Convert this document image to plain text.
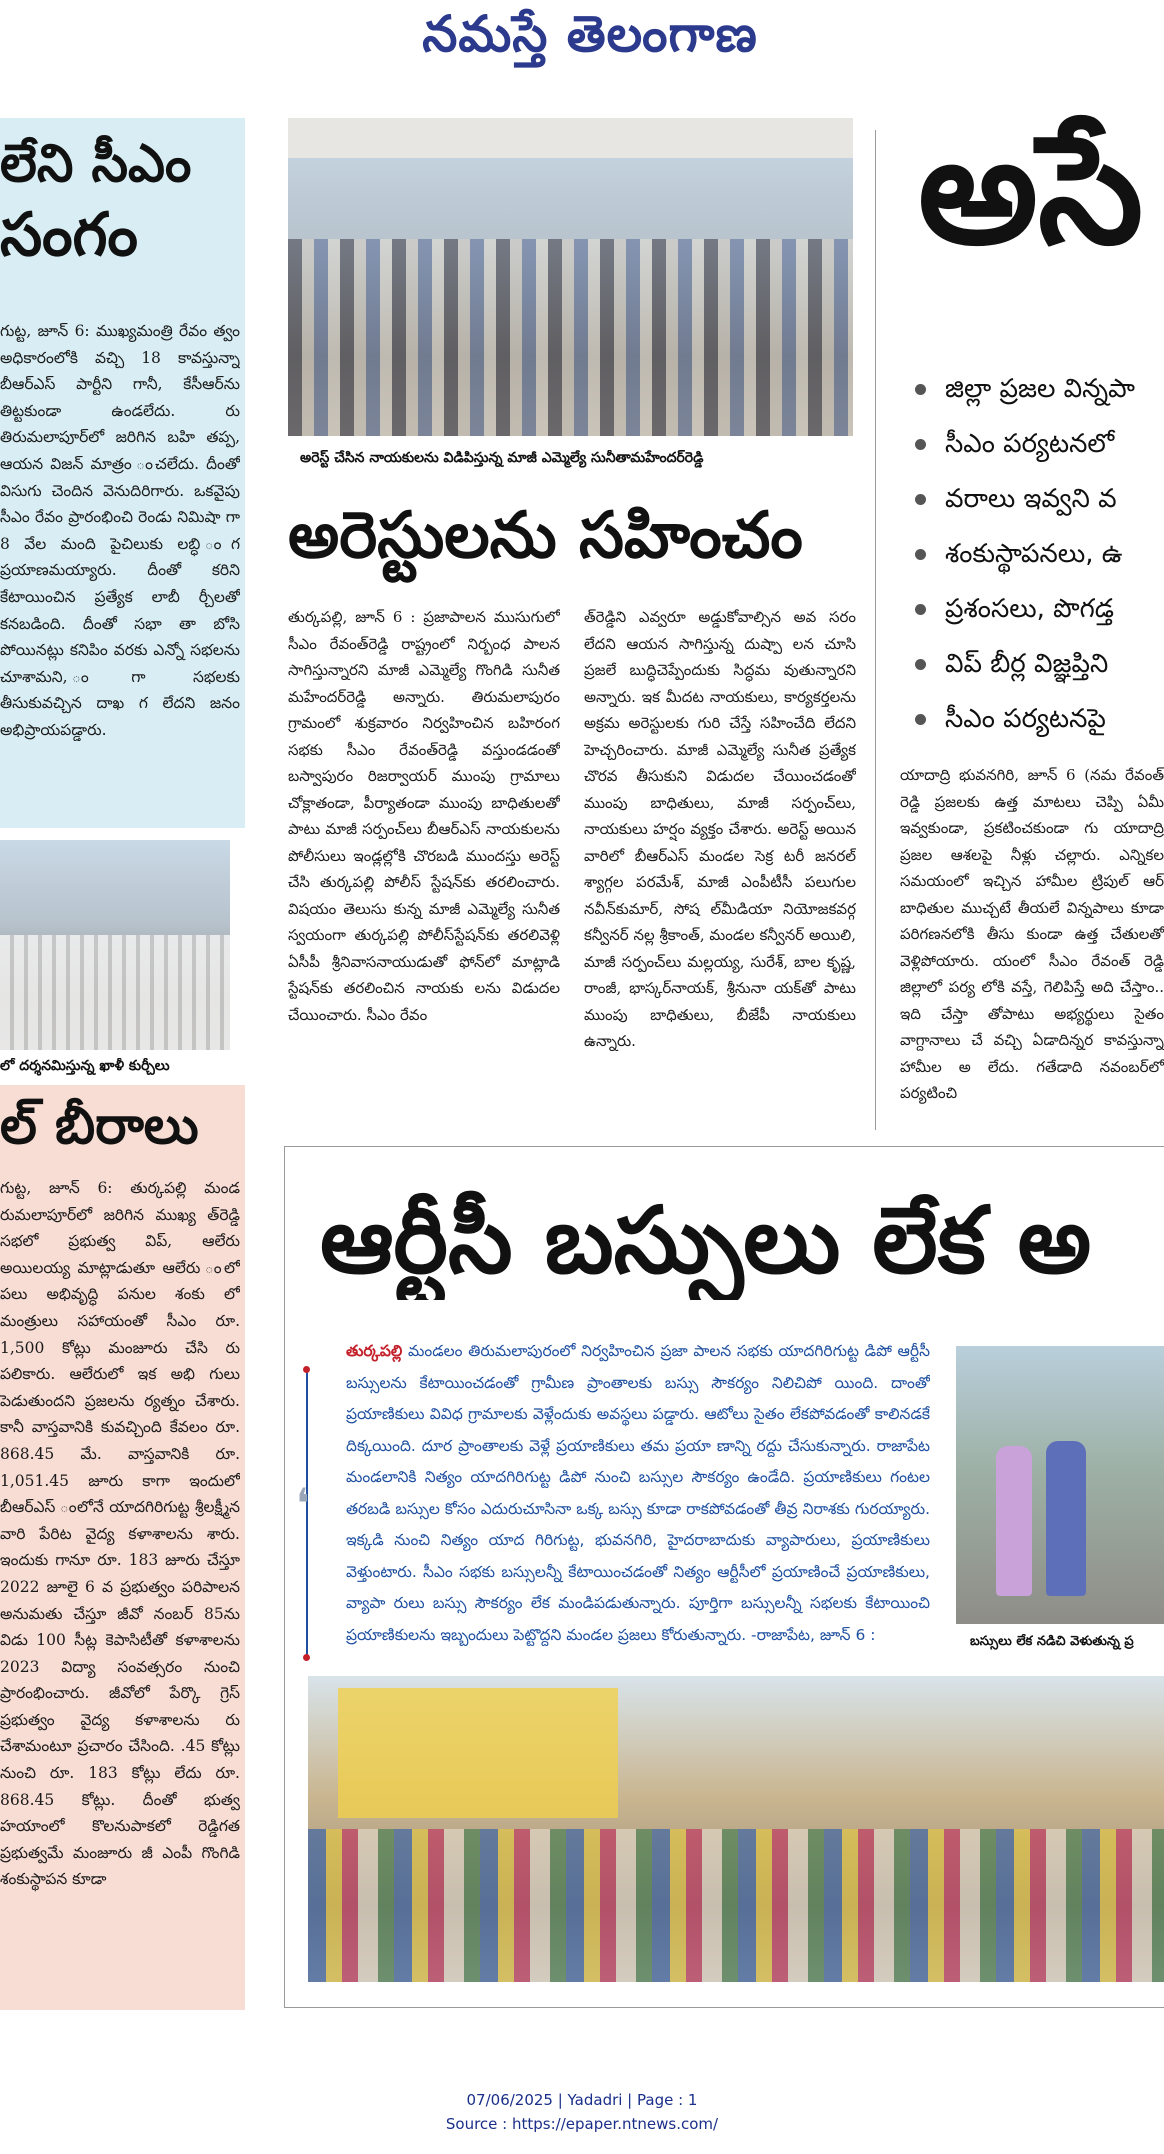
నమస్తే తెలంగాణ
లేని సీఎం
సంగం
గుట్ట, జూన్ 6: ముఖ్యమంత్రి రేవం త్వం అధికారంలోకి వచ్చి 18 కావస్తున్నా బీఆర్ఎస్ పార్టీని గానీ, కేసీఆర్‌ను తిట్టకుండా ఉండలేదు. రు తిరుమలాపూర్‌లో జరిగిన బహి తప్ప, ఆయన విజన్ మాత్రం ంచలేదు. దీంతో విసుగు చెందిన వెనుదిరిగారు. ఒకవైపు సీఎం రేవం ప్రారంభించి రెండు నిమిషా గా 8 వేల మంది పైచిలుకు లబ్ధి ంగ ప్రయాణమయ్యారు. దీంతో కరిని కేటాయించిన ప్రత్యేక లాబీ ర్చీలతో కనబడింది. దీంతో సభా తా బోసి పోయినట్లు కనిపిం వరకు ఎన్నో సభలను చూశామని, ంగా సభలకు తీసుకువచ్చిన దాఖ గ లేదని జనం అభిప్రాయపడ్డారు.
లో దర్శనమిస్తున్న ఖాళీ కుర్చీలు
ల్ బీరాలు
గుట్ట, జూన్ 6: తుర్కపల్లి మండ రుమలాపూర్‌లో జరిగిన ముఖ్య త్‌రెడ్డి సభలో ప్రభుత్వ విప్, ఆలేరు అయిలయ్య మాట్లాడుతూ ఆలేరు ంలో పలు అభివృద్ధి పనుల శంకు లో మంత్రులు సహాయంతో సీఎం రూ. 1,500 కోట్లు మంజూరు చేసి రు పలికారు. ఆలేరులో ఇక అభి గులు పెడుతుందని ప్రజలను ర్యత్నం చేశారు. కానీ వాస్తవానికి కువచ్చింది కేవలం రూ. 868.45 మే. వాస్తవానికి రూ. 1,051.45 జూరు కాగా ఇందులో బీఆర్ఎస్ ంలోనే యాదగిరిగుట్ట శ్రీలక్ష్మీన వారి పేరిట వైద్య కళాశాలను శారు. ఇందుకు గానూ రూ. 183 జూరు చేస్తూ 2022 జూలై 6 వ ప్రభుత్వం పరిపాలన అనుమతు చేస్తూ జీవో నంబర్ 85ను విడు 100 సీట్ల కెపాసిటీతో కళాశాలను 2023 విద్యా సంవత్సరం నుంచి ప్రారంభించారు. జీవోలో పేర్కొ గ్రెస్ ప్రభుత్వం వైద్య కళాశాలను రు చేశామంటూ ప్రచారం చేసింది. .45 కోట్లు నుంచి రూ. 183 కోట్లు లేదు రూ. 868.45 కోట్లు. దీంతో భుత్వ హయాంలో కొలనుపాకలో రెడ్డిగత ప్రభుత్వమే మంజూరు జీ ఎంపీ గొంగిడి శంకుస్థాపన కూడా
అరెస్ట్ చేసిన నాయకులను విడిపిస్తున్న మాజీ ఎమ్మెల్యే సునీతామహేందర్‌రెడ్డి
అరెస్టులను సహించం
తుర్కపల్లి, జూన్ 6 : ప్రజాపాలన ముసుగులో సీఎం రేవంత్‌రెడ్డి రాష్ట్రంలో నిర్బంధ పాలన సాగిస్తున్నారని మాజీ ఎమ్మెల్యే గొంగిడి సునీత మహేందర్‌రెడ్డి అన్నారు. తిరుమలాపురం గ్రామంలో శుక్రవారం నిర్వహించిన బహిరంగ సభకు సీఎం రేవంత్‌రెడ్డి వస్తుండడంతో బస్వాపురం రిజర్వాయర్ ముంపు గ్రామాలు చోక్లాతండా, పీర్యాతండా ముంపు బాధితులతో పాటు మాజీ సర్పంచ్‌లు బీఆర్ఎస్ నాయకులను పోలీసులు ఇండ్లల్లోకి చొరబడి ముందస్తు అరెస్ట్ చేసి తుర్కపల్లి పోలీస్ స్టేషన్‌కు తరలించారు. విషయం తెలుసు కున్న మాజీ ఎమ్మెల్యే సునీత స్వయంగా తుర్కపల్లి పోలీస్‌స్టేషన్‌కు తరలివెళ్లి ఏసీపీ శ్రీనివాసనాయుడుతో ఫోన్‌లో మాట్లాడి స్టేషన్‌కు తరలించిన నాయకు లను విడుదల చేయించారు. సీఎం రేవం
త్‌రెడ్డిని ఎవ్వరూ అడ్డుకోవాల్సిన అవ సరం లేదని ఆయన సాగిస్తున్న దుష్పా లన చూసి ప్రజలే బుద్ధిచెప్పేందుకు సిద్ధమ వుతున్నారని అన్నారు. ఇక మీదట నాయకులు, కార్యకర్తలను అక్రమ అరెస్టులకు గురి చేస్తే సహించేది లేదని హెచ్చరించారు. మాజీ ఎమ్మెల్యే సునీత ప్రత్యేక చొరవ తీసుకుని విడుదల చేయించడంతో ముంపు బాధితులు, మాజీ సర్పంచ్‌లు, నాయకులు హర్షం వ్యక్తం చేశారు. అరెస్ట్ అయిన వారిలో బీఆర్ఎస్ మండల సెక్ర టరీ జనరల్ శ్యాగ్గల పరమేశ్, మాజీ ఎంపీటీసీ పలుగుల నవీన్‌కుమార్, సోష ల్‌మీడియా నియోజకవర్గ కన్వీనర్ నల్ల శ్రీకాంత్, మండల కన్వీనర్ అయిలి, మాజీ సర్పంచ్‌లు మల్లయ్య, సురేశ్, బాల కృష్ణ, రాంజీ, భాస్కర్‌నాయక్, శ్రీనునా యక్‌తో పాటు ముంపు బాధితులు, బీజేపీ నాయకులు ఉన్నారు.
అసే
జిల్లా ప్రజల విన్నపా
సీఎం పర్యటనలో
వరాలు ఇవ్వని వ
శంకుస్థాపనలు, ఉ
ప్రశంసలు, పొగడ్త
విప్ బీర్ల విజ్ఞప్తిని
సీఎం పర్యటనపై
యాదాద్రి భువనగిరి, జూన్ 6 (నమ రేవంత్ రెడ్డి ప్రజలకు ఉత్త మాటలు చెప్పి ఏమీ ఇవ్వకుండా, ప్రకటించకుండా గు యాదాద్రి ప్రజల ఆశలపై నీళ్లు చల్లారు. ఎన్నికల సమయంలో ఇచ్చిన హామీల ట్రిపుల్ ఆర్ బాధితుల ముచ్చటే తీయలే విన్నపాలు కూడా పరిగణనలోకి తీసు కుండా ఉత్త చేతులతో వెళ్లిపోయారు. యంలో సీఎం రేవంత్ రెడ్డి జిల్లాలో పర్య లోకి వస్తే, గెలిపిస్తే అది చేస్తాం.. ఇది చేస్తా తోపాటు అభ్యర్థులు సైతం వాగ్దానాలు చే వచ్చి ఏడాదిన్నర కావస్తున్నా హామీల అ లేదు. గతేడాది నవంబర్‌లో పర్యటించి
ఆర్టీసీ బస్సులు లేక అ
❛
తుర్కపల్లి మండలం తిరుమలాపురంలో నిర్వహించిన ప్రజా పాలన సభకు యాదగిరిగుట్ట డిపో ఆర్టీసీ బస్సులను కేటాయించడంతో గ్రామీణ ప్రాంతాలకు బస్సు సౌకర్యం నిలిచిపో యింది. దాంతో ప్రయాణికులు వివిధ గ్రామాలకు వెళ్లేందుకు అవస్థలు పడ్డారు. ఆటోలు సైతం లేకపోవడంతో కాలినడకే దిక్కయింది. దూర ప్రాంతాలకు వెళ్లే ప్రయాణికులు తమ ప్రయా ణాన్ని రద్దు చేసుకున్నారు. రాజాపేట మండలానికి నిత్యం యాదగిరిగుట్ట డిపో నుంచి బస్సుల సౌకర్యం ఉండేది. ప్రయాణికులు గంటల తరబడి బస్సుల కోసం ఎదురుచూసినా ఒక్క బస్సు కూడా రాకపోవడంతో తీవ్ర నిరాశకు గురయ్యారు. ఇక్కడి నుంచి నిత్యం యాద గిరిగుట్ట, భువనగిరి, హైదరాబాదుకు వ్యాపారులు, ప్రయాణికులు వెళ్తుంటారు. సీఎం సభకు బస్సులన్నీ కేటాయించడంతో నిత్యం ఆర్టీసీలో ప్రయాణించే ప్రయాణికులు, వ్యాపా రులు బస్సు సౌకర్యం లేక మండిపడుతున్నారు. పూర్తిగా బస్సులన్నీ సభలకు కేటాయించి ప్రయాణికులను ఇబ్బందులు పెట్టొద్దని మండల ప్రజలు కోరుతున్నారు. -రాజాపేట, జూన్ 6 :	బస్సులు లేక నడిచి వెళుతున్న ప్ర
07/06/2025 | Yadadri | Page : 1
Source : https://epaper.ntnews.com/
